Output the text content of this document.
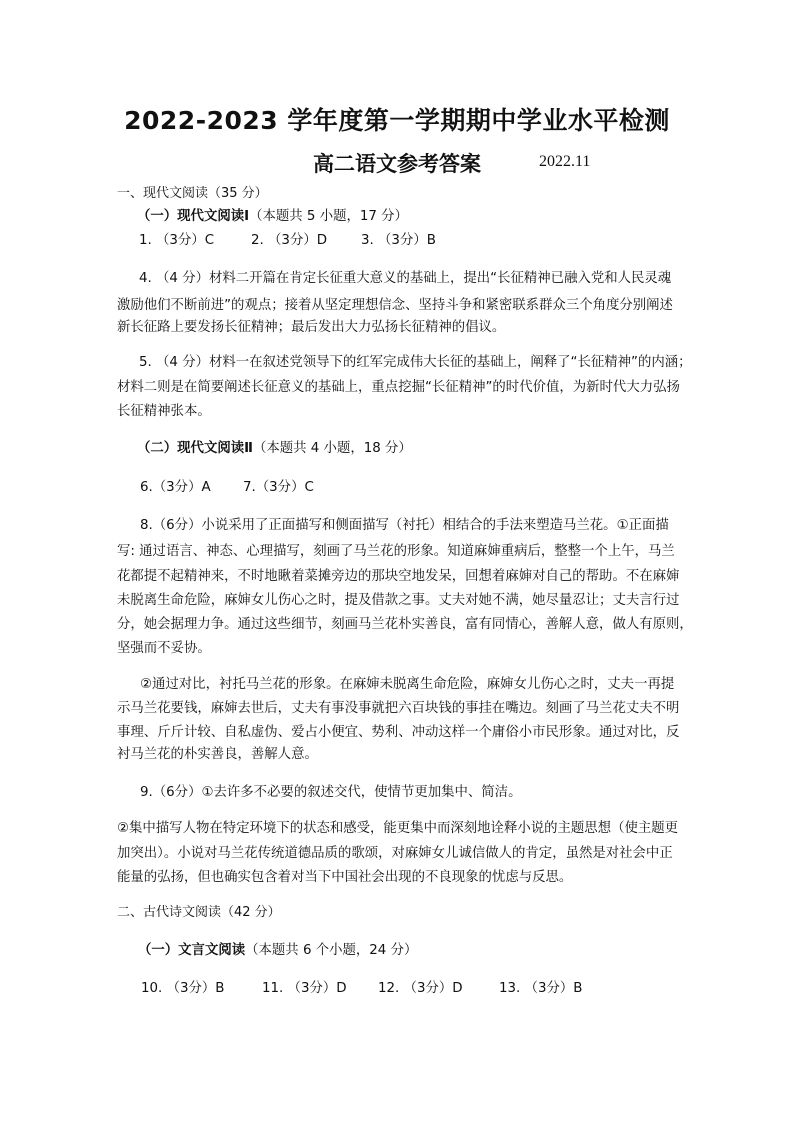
2022-2023 学年度第一学期期中学业水平检测
高二语文参考答案	2022.11
一、现代文阅读（35 分）
（一）现代文阅读Ⅰ（本题共 5 小题，17 分）
1. （3分）C	2. （3分）D	3. （3分）B
4. （4 分）材料二开篇在肯定长征重大意义的基础上，提出“长征精神已融入党和人民灵魂
激励他们不断前进”的观点；接着从坚定理想信念、坚持斗争和紧密联系群众三个角度分别阐述
新长征路上要发扬长征精神；最后发出大力弘扬长征精神的倡议。
5. （4 分）材料一在叙述党领导下的红军完成伟大长征的基础上，阐释了“长征精神”的内涵；
材料二则是在简要阐述长征意义的基础上，重点挖掘“长征精神”的时代价值，为新时代大力弘扬
长征精神张本。
（二）现代文阅读Ⅱ（本题共 4 小题，18 分）
6.（3分）A 7.（3分）C
8.（6分）小说采用了正面描写和侧面描写（衬托）相结合的手法来塑造马兰花。①正面描
写: 通过语言、神态、心理描写，刻画了马兰花的形象。知道麻婶重病后，整整一个上午，马兰
花都提不起精神来，不时地瞅着菜摊旁边的那块空地发呆，回想着麻婶对自己的帮助。不在麻婶
未脱离生命危险，麻婶女儿伤心之时，提及借款之事。丈夫对她不满，她尽量忍让；丈夫言行过
分，她会据理力争。通过这些细节，刻画马兰花朴实善良，富有同情心，善解人意，做人有原则，
坚强而不妥协。
②通过对比，衬托马兰花的形象。在麻婶未脱离生命危险，麻婶女儿伤心之时，丈夫一再提
示马兰花要钱，麻婶去世后，丈夫有事没事就把六百块钱的事挂在嘴边。刻画了马兰花丈夫不明
事理、斤斤计较、自私虚伪、爱占小便宜、势利、冲动这样一个庸俗小市民形象。通过对比，反
衬马兰花的朴实善良，善解人意。
9.（6分）①去许多不必要的叙述交代，使情节更加集中、简洁。
②集中描写人物在特定环境下的状态和感受，能更集中而深刻地诠释小说的主题思想（使主题更
加突出）。小说对马兰花传统道德品质的歌颂，对麻婶女儿诚信做人的肯定，虽然是对社会中正
能量的弘扬，但也确实包含着对当下中国社会出现的不良现象的忧虑与反思。
二、古代诗文阅读（42 分）
（一）文言文阅读（本题共 6 个小题，24 分）
10. （3分）B	11. （3分）D 12. （3分）D	13. （3分）B
